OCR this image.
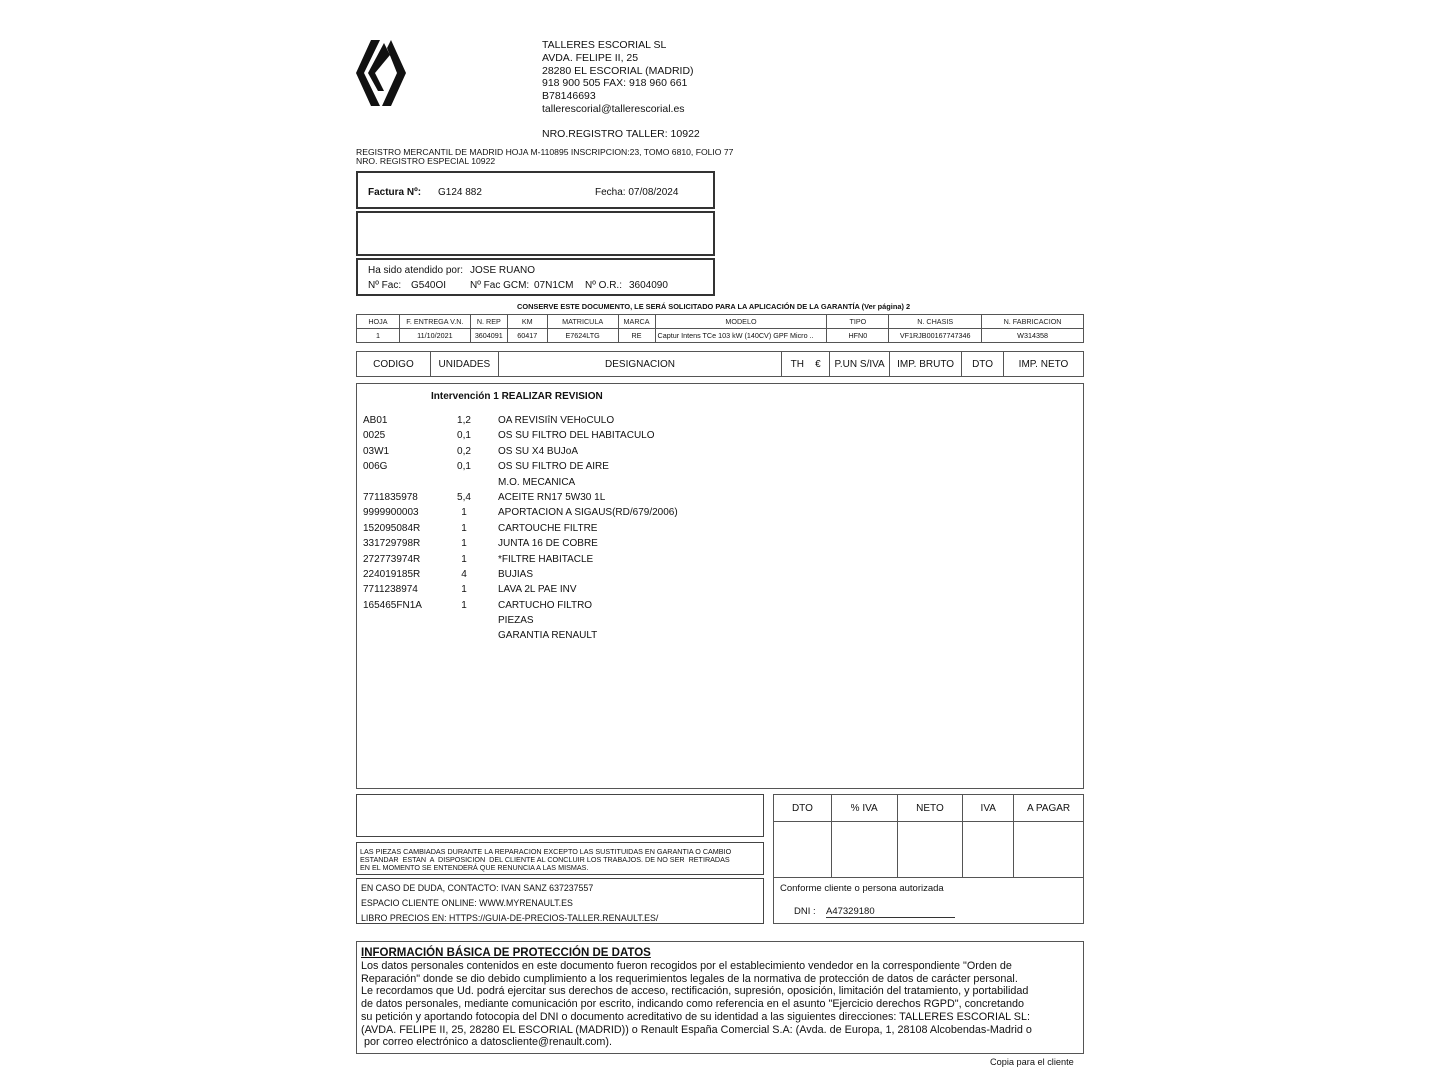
TALLERES ESCORIAL SL
AVDA. FELIPE II, 25
28280 EL ESCORIAL (MADRID)
918 900 505 FAX: 918 960 661
B78146693
tallerescorial@tallerescorial.es
NRO.REGISTRO TALLER: 10922
REGISTRO MERCANTIL DE MADRID HOJA M-110895 INSCRIPCION:23, TOMO 6810, FOLIO 77
NRO. REGISTRO ESPECIAL 10922
Factura Nº: G124 882	Fecha: 07/08/2024
Ha sido atendido por: JOSE RUANO
Nº Fac: G540OI Nº Fac GCM: 07N1CM Nº O.R.: 3604090
CONSERVE ESTE DOCUMENTO, LE SERÁ SOLICITADO PARA LA APLICACIÓN DE LA GARANTÍA (Ver página) 2
HOJA	F. ENTREGA V.N.	N. REP	KM	MATRICULA	MARCA	MODELO	TIPO	N. CHASIS	N. FABRICACION
1	11/10/2021	3604091	60417	E7624LTG	RE	Captur Intens TCe 103 kW (140CV) GPF Micro ..	HFN0	VF1RJB00167747346	W314358
CODIGO	UNIDADES	DESIGNACION	TH    €	P.UN S/IVA	IMP. BRUTO	DTO	IMP. NETO
Intervención 1 REALIZAR REVISION
AB01	1,2	OA REVISIîN VEHoCULO
0025	0,1	OS SU FILTRO DEL HABITACULO
03W1	0,2	OS SU X4 BUJoA
006G	0,1	OS SU FILTRO DE AIRE
M.O. MECANICA
7711835978	5,4	ACEITE RN17 5W30 1L
9999900003	1	APORTACION A SIGAUS(RD/679/2006)
152095084R	1	CARTOUCHE FILTRE
331729798R	1	JUNTA 16 DE COBRE
272773974R	1	*FILTRE HABITACLE
224019185R	4	BUJIAS
7711238974	1	LAVA 2L PAE INV
165465FN1A	1	CARTUCHO FILTRO
PIEZAS
GARANTIA RENAULT
LAS PIEZAS CAMBIADAS DURANTE LA REPARACION EXCEPTO LAS SUSTITUIDAS EN GARANTIA O CAMBIO
ESTANDAR  ESTAN  A  DISPOSICION  DEL CLIENTE AL CONCLUIR LOS TRABAJOS. DE NO SER  RETIRADAS
EN EL MOMENTO SE ENTENDERÁ QUE RENUNCIA A LAS MISMAS.
EN CASO DE DUDA, CONTACTO: IVAN SANZ 637237557
ESPACIO CLIENTE ONLINE: WWW.MYRENAULT.ES
LIBRO PRECIOS EN: HTTPS://GUIA-DE-PRECIOS-TALLER.RENAULT.ES/
DTO	% IVA	NETO	IVA	A PAGAR

Conforme cliente o persona autorizada
DNI : A47329180
INFORMACIÓN BÁSICA DE PROTECCIÓN DE DATOS
Los datos personales contenidos en este documento fueron recogidos por el establecimiento vendedor en la correspondiente "Orden de
Reparación" donde se dio debido cumplimiento a los requerimientos legales de la normativa de protección de datos de carácter personal.
Le recordamos que Ud. podrá ejercitar sus derechos de acceso, rectificación, supresión, oposición, limitación del tratamiento, y portabilidad
de datos personales, mediante comunicación por escrito, indicando como referencia en el asunto "Ejercicio derechos RGPD", concretando
su petición y aportando fotocopia del DNI o documento acreditativo de su identidad a las siguientes direcciones: TALLERES ESCORIAL SL:
(AVDA. FELIPE II, 25, 28280 EL ESCORIAL (MADRID)) o Renault España Comercial S.A: (Avda. de Europa, 1, 28108 Alcobendas-Madrid o
por correo electrónico a datoscliente@renault.com).
Copia para el cliente
